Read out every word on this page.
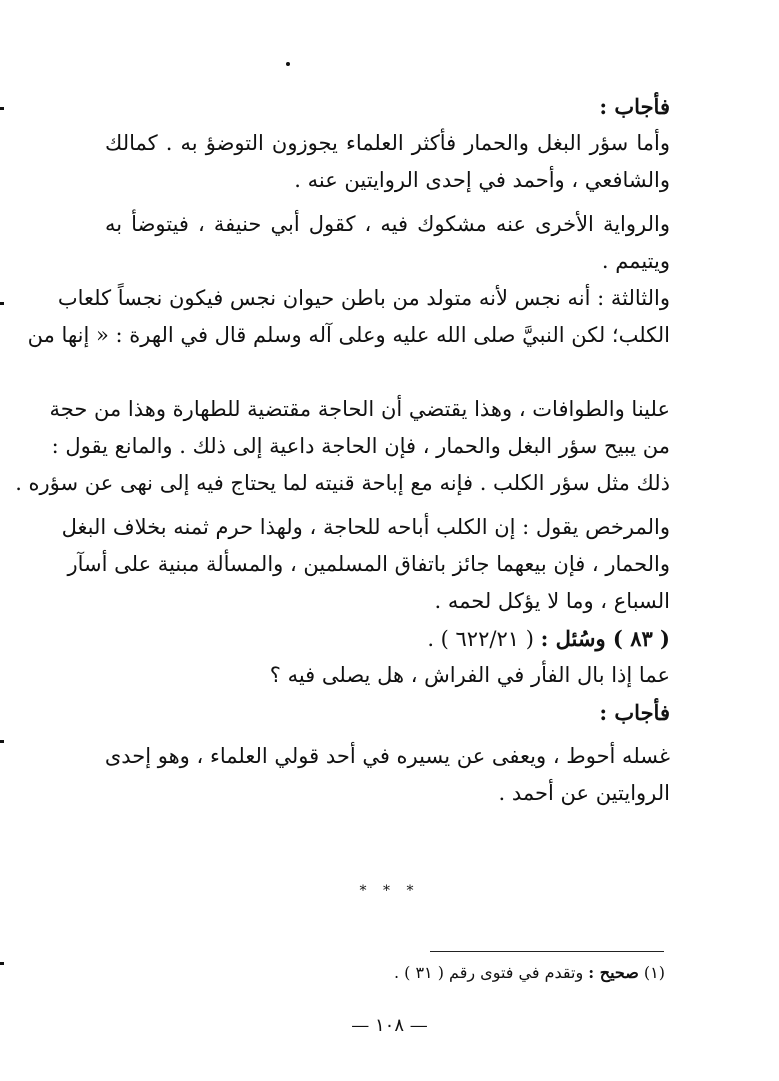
فأجاب :
وأما سؤر البغل والحمار فأكثر العلماء يجوزون التوضؤ به . كمالك
والشافعي ، وأحمد في إحدى الروايتين عنه .
والرواية الأخرى عنه مشكوك فيه ، كقول أبي حنيفة ، فيتوضأ به
ويتيمم .
والثالثة : أنه نجس لأنه متولد من باطن حيوان نجس فيكون نجساً كلعاب
الكلب؛ لكن النبيَّ صلى الله عليه وعلى آله وسلم قال في الهرة : « إنها من
علينا والطوافات ، وهذا يقتضي أن الحاجة مقتضية للطهارة وهذا من حجة
من يبيح سؤر البغل والحمار ، فإن الحاجة داعية إلى ذلك . والمانع يقول :
ذلك مثل سؤر الكلب . فإنه مع إباحة قنيته لما يحتاج فيه إلى نهى عن سؤره .
والمرخص يقول : إن الكلب أباحه للحاجة ، ولهذا حرم ثمنه بخلاف البغل
والحمار ، فإن بيعهما جائز باتفاق المسلمين ، والمسألة مبنية على أسآر
السباع ، وما لا يؤكل لحمه .
( ٨٣ ) وسُئل : ( ٦٢٢/٢١ ) .
عما إذا بال الفأر في الفراش ، هل يصلى فيه ؟
فأجاب :
غسله أحوط ، ويعفى عن يسيره في أحد قولي العلماء ، وهو إحدى
الروايتين عن أحمد .
* * *
(١) صحيح : وتقدم في فتوى رقم ( ٣١ ) .
— ١٠٨ —
